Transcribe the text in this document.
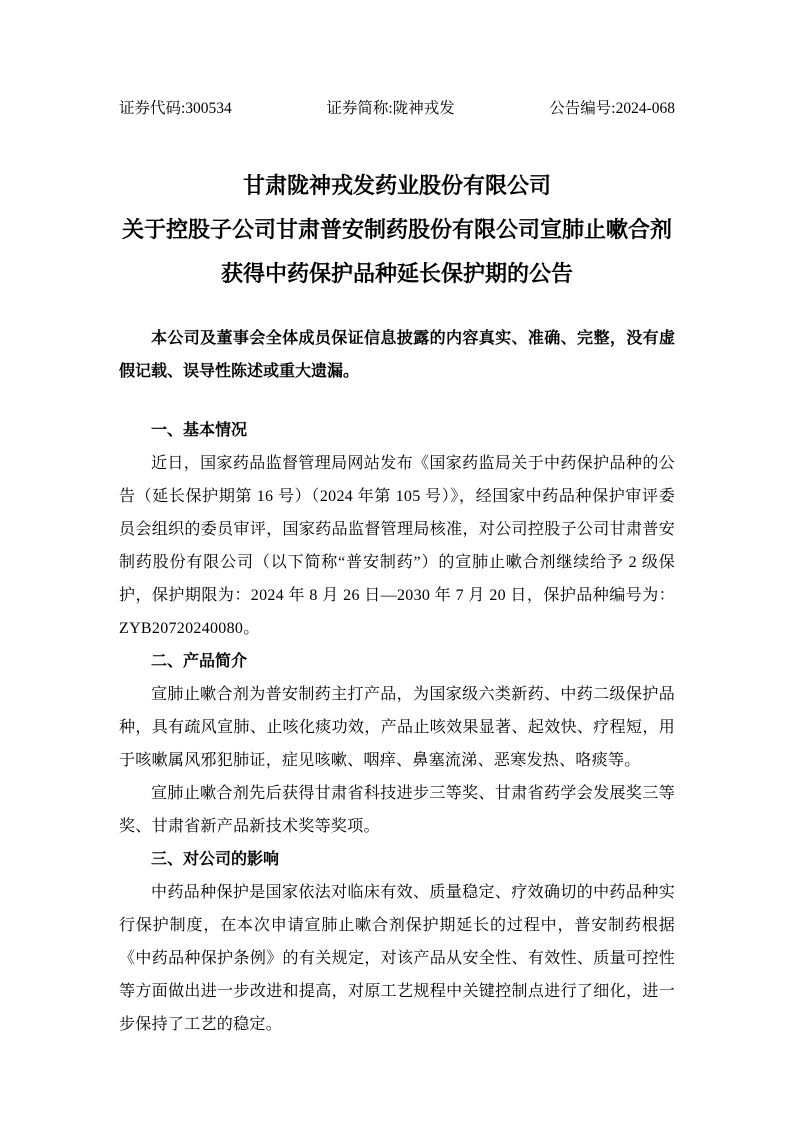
证券代码:300534	证券简称:陇神戎发	公告编号:2024-068
甘肃陇神戎发药业股份有限公司
关于控股子公司甘肃普安制药股份有限公司宣肺止嗽合剂
获得中药保护品种延长保护期的公告

本公司及董事会全体成员保证信息披露的内容真实、准确、完整，没有虚假记载、误导性陈述或重大遗漏。

一、基本情况

近日，国家药品监督管理局网站发布《国家药监局关于中药保护品种的公告（延长保护期第 16 号）（2024 年第 105 号）》，经国家中药品种保护审评委员会组织的委员审评，国家药品监督管理局核准，对公司控股子公司甘肃普安制药股份有限公司（以下简称“普安制药”）的宣肺止嗽合剂继续给予 2 级保护，保护期限为：2024 年 8 月 26 日—2030 年 7 月 20 日，保护品种编号为：ZYB20720240080。

二、产品简介

宣肺止嗽合剂为普安制药主打产品，为国家级六类新药、中药二级保护品种，具有疏风宣肺、止咳化痰功效，产品止咳效果显著、起效快、疗程短，用于咳嗽属风邪犯肺证，症见咳嗽、咽痒、鼻塞流涕、恶寒发热、咯痰等。

宣肺止嗽合剂先后获得甘肃省科技进步三等奖、甘肃省药学会发展奖三等奖、甘肃省新产品新技术奖等奖项。

三、对公司的影响

中药品种保护是国家依法对临床有效、质量稳定、疗效确切的中药品种实行保护制度，在本次申请宣肺止嗽合剂保护期延长的过程中，普安制药根据《中药品种保护条例》的有关规定，对该产品从安全性、有效性、质量可控性等方面做出进一步改进和提高，对原工艺规程中关键控制点进行了细化，进一步保持了工艺的稳定。
